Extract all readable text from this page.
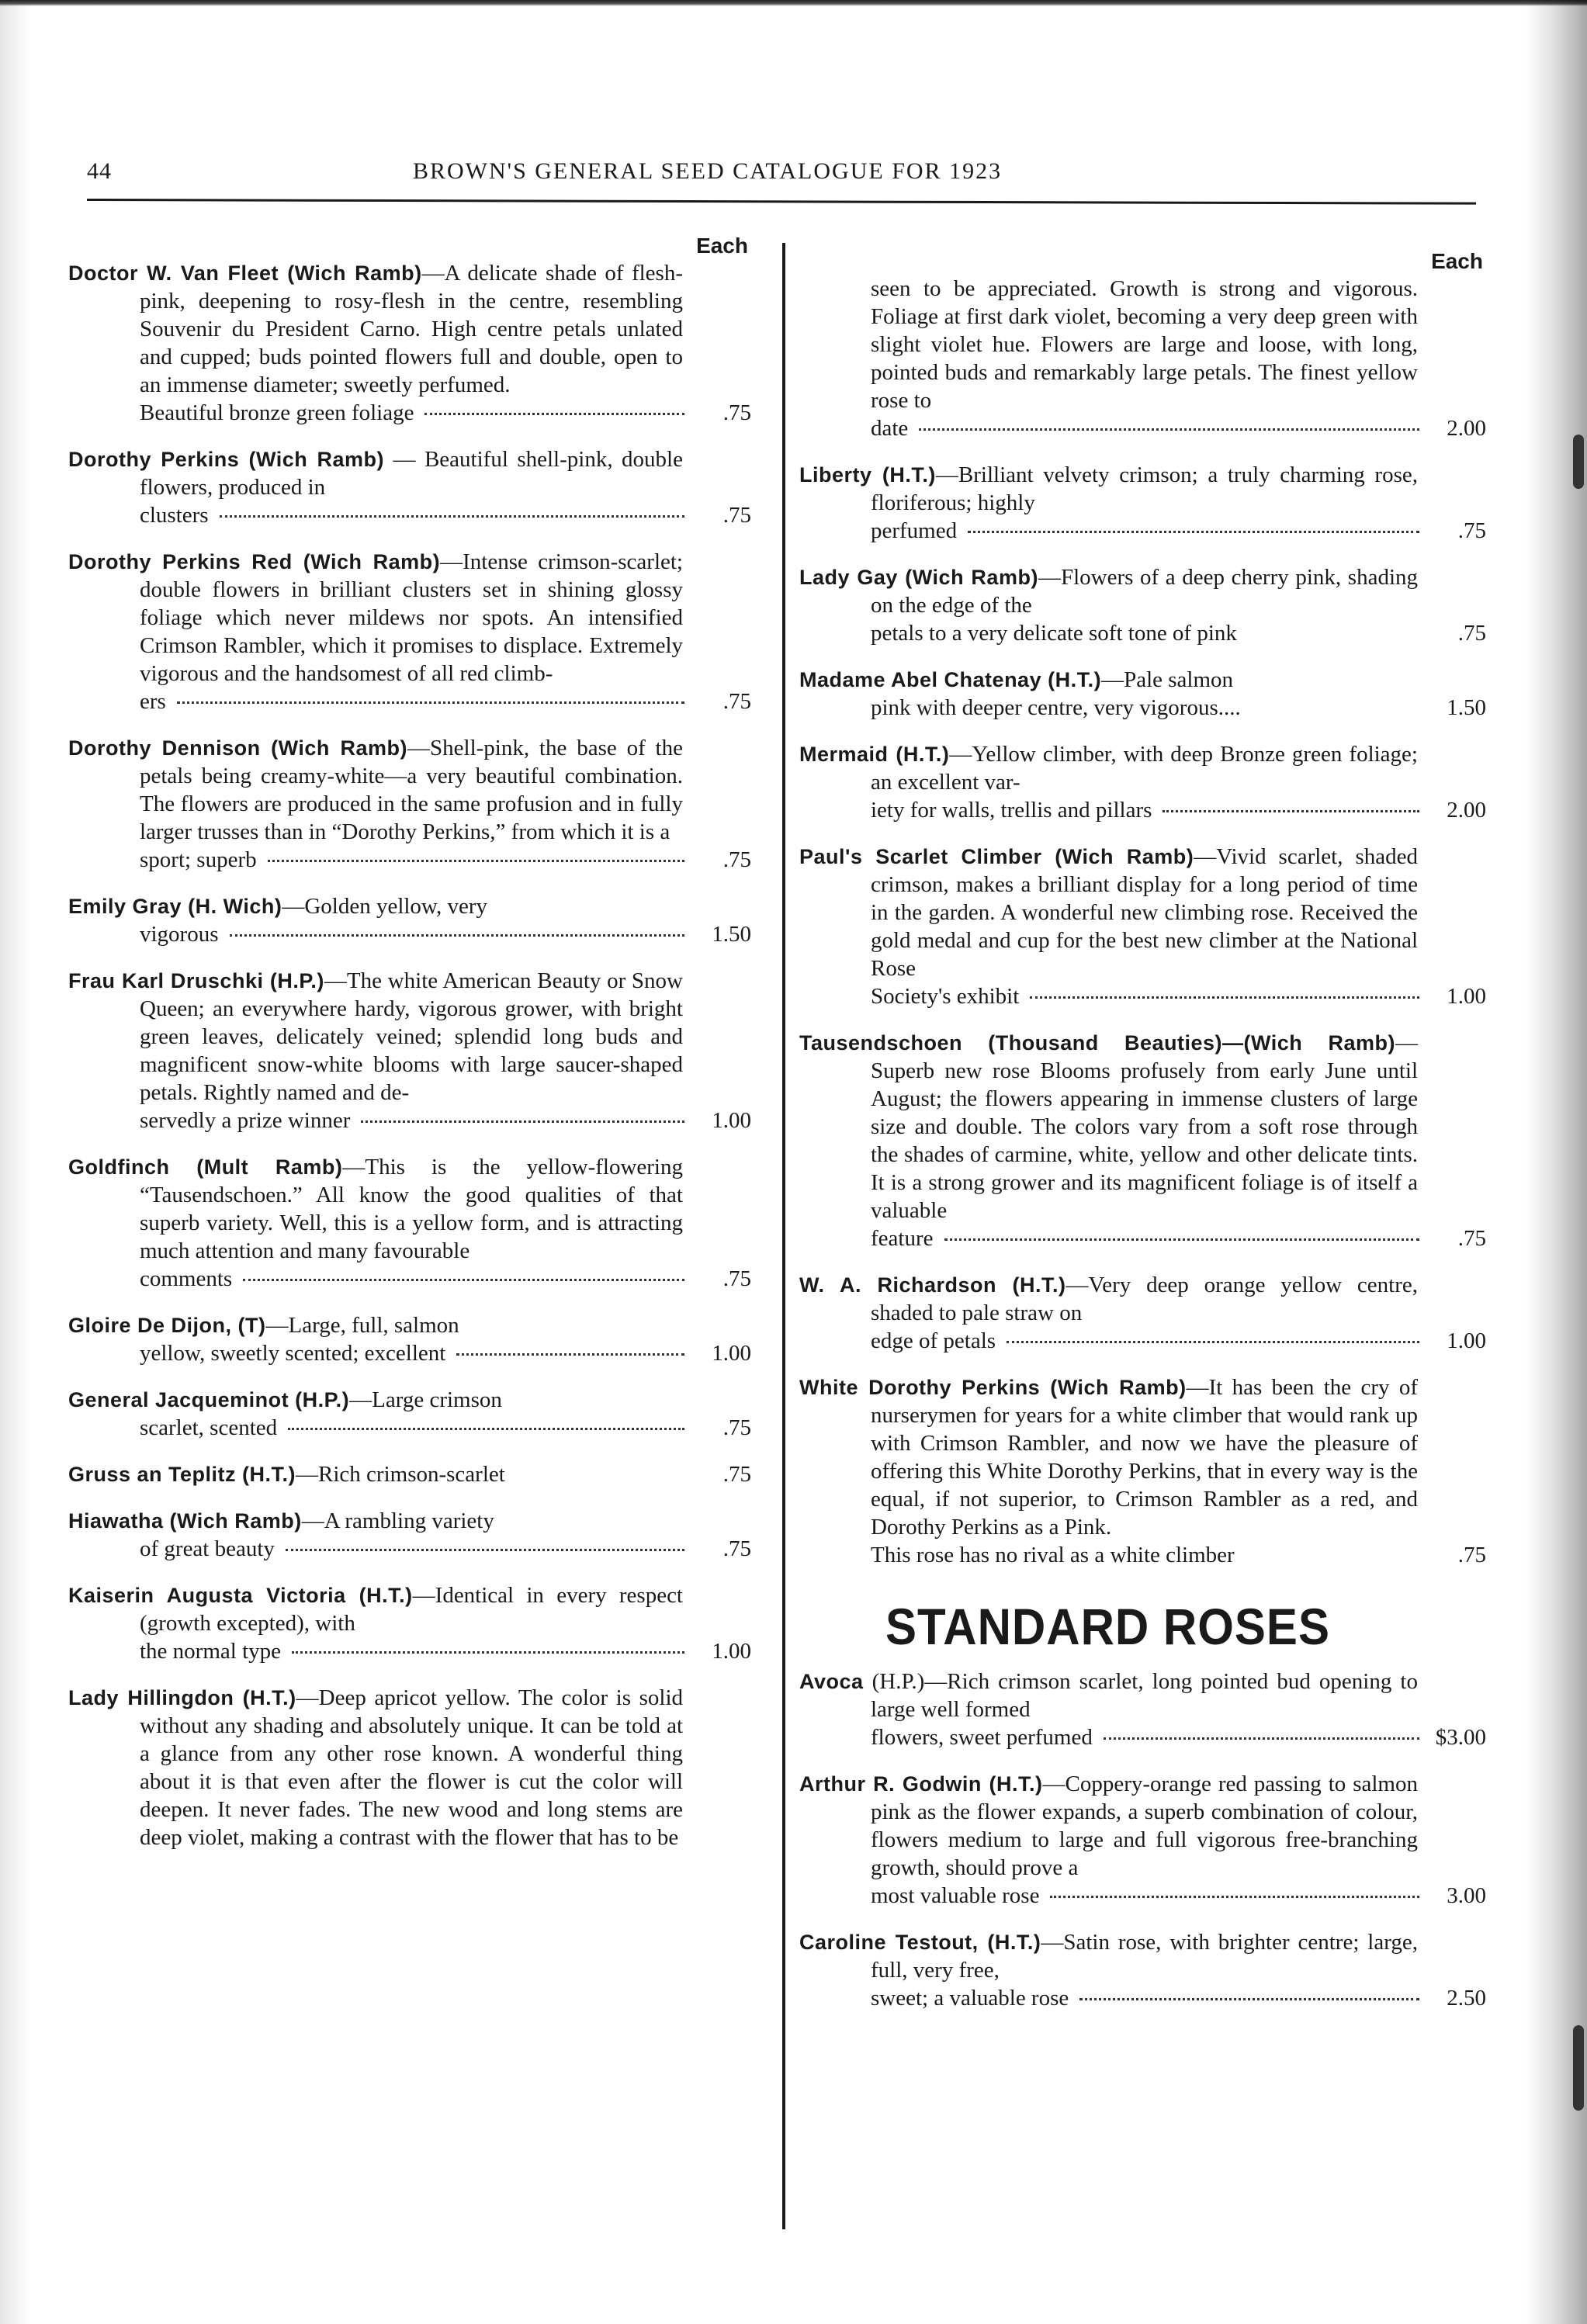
44	BROWN'S GENERAL SEED CATALOGUE FOR 1923
Each
Doctor W. Van Fleet (Wich Ramb)—A delicate shade of flesh-pink, deepening to rosy-flesh in the centre, resembling Souvenir du President Carno. High centre petals unlated and cupped; buds pointed flowers full and double, open to an immense diameter; sweetly perfumed.
Beautiful bronze green foliage	.75
Dorothy Perkins (Wich Ramb) — Beautiful shell-pink, double flowers, produced in
clusters	.75
Dorothy Perkins Red (Wich Ramb)—Intense crimson-scarlet; double flowers in brilliant clusters set in shining glossy foliage which never mildews nor spots. An intensified Crimson Rambler, which it promises to displace. Extremely vigorous and the handsomest of all red climb-
ers	.75
Dorothy Dennison (Wich Ramb)—Shell-pink, the base of the petals being creamy-white—a very beautiful combination. The flowers are produced in the same profusion and in fully larger trusses than in “Dorothy Perkins,” from which it is a
sport; superb	.75
Emily Gray (H. Wich)—Golden yellow, very
vigorous	1.50
Frau Karl Druschki (H.P.)—The white American Beauty or Snow Queen; an everywhere hardy, vigorous grower, with bright green leaves, delicately veined; splendid long buds and magnificent snow-white blooms with large saucer-shaped petals. Rightly named and de-
servedly a prize winner	1.00
Goldfinch (Mult Ramb)—This is the yellow-flowering “Tausendschoen.” All know the good qualities of that superb variety. Well, this is a yellow form, and is attracting much attention and many favourable
comments	.75
Gloire De Dijon, (T)—Large, full, salmon
yellow, sweetly scented; excellent	1.00
General Jacqueminot (H.P.)—Large crimson
scarlet, scented	.75
Gruss an Teplitz (H.T.) —Rich crimson-scarlet	.75
Hiawatha (Wich Ramb)—A rambling variety
of great beauty	.75
Kaiserin Augusta Victoria (H.T.)—Identical in every respect (growth excepted), with
the normal type	1.00
Lady Hillingdon (H.T.)—Deep apricot yellow. The color is solid without any shading and absolutely unique. It can be told at a glance from any other rose known. A wonderful thing about it is that even after the flower is cut the color will deepen. It never fades. The new wood and long stems are deep violet, making a contrast with the flower that has to be
Each
seen to be appreciated. Growth is strong and vigorous. Foliage at first dark violet, becoming a very deep green with slight violet hue. Flowers are large and loose, with long, pointed buds and remarkably large petals. The finest yellow rose to
date	2.00
Liberty (H.T.)—Brilliant velvety crimson; a truly charming rose, floriferous; highly
perfumed	.75
Lady Gay (Wich Ramb)—Flowers of a deep cherry pink, shading on the edge of the
petals to a very delicate soft tone of pink	.75
Madame Abel Chatenay (H.T.)—Pale salmon
pink with deeper centre, very vigorous....	1.50
Mermaid (H.T.)—Yellow climber, with deep Bronze green foliage; an excellent var-
iety for walls, trellis and pillars	2.00
Paul's Scarlet Climber (Wich Ramb)—Vivid scarlet, shaded crimson, makes a brilliant display for a long period of time in the garden. A wonderful new climbing rose. Received the gold medal and cup for the best new climber at the National Rose
Society's exhibit	1.00
Tausendschoen (Thousand Beauties)—(Wich Ramb)—Superb new rose Blooms profusely from early June until August; the flowers appearing in immense clusters of large size and double. The colors vary from a soft rose through the shades of carmine, white, yellow and other delicate tints. It is a strong grower and its magnificent foliage is of itself a valuable
feature	.75
W. A. Richardson (H.T.)—Very deep orange yellow centre, shaded to pale straw on
edge of petals	1.00
White Dorothy Perkins (Wich Ramb)—It has been the cry of nurserymen for years for a white climber that would rank up with Crimson Rambler, and now we have the pleasure of offering this White Dorothy Perkins, that in every way is the equal, if not superior, to Crimson Rambler as a red, and Dorothy Perkins as a Pink.
This rose has no rival as a white climber	.75
STANDARD ROSES
Avoca (H.P.)—Rich crimson scarlet, long pointed bud opening to large well formed
flowers, sweet perfumed	$3.00
Arthur R. Godwin (H.T.)—Coppery-orange red passing to salmon pink as the flower expands, a superb combination of colour, flowers medium to large and full vigorous free-branching growth, should prove a
most valuable rose	3.00
Caroline Testout, (H.T.)—Satin rose, with brighter centre; large, full, very free,
sweet; a valuable rose	2.50
